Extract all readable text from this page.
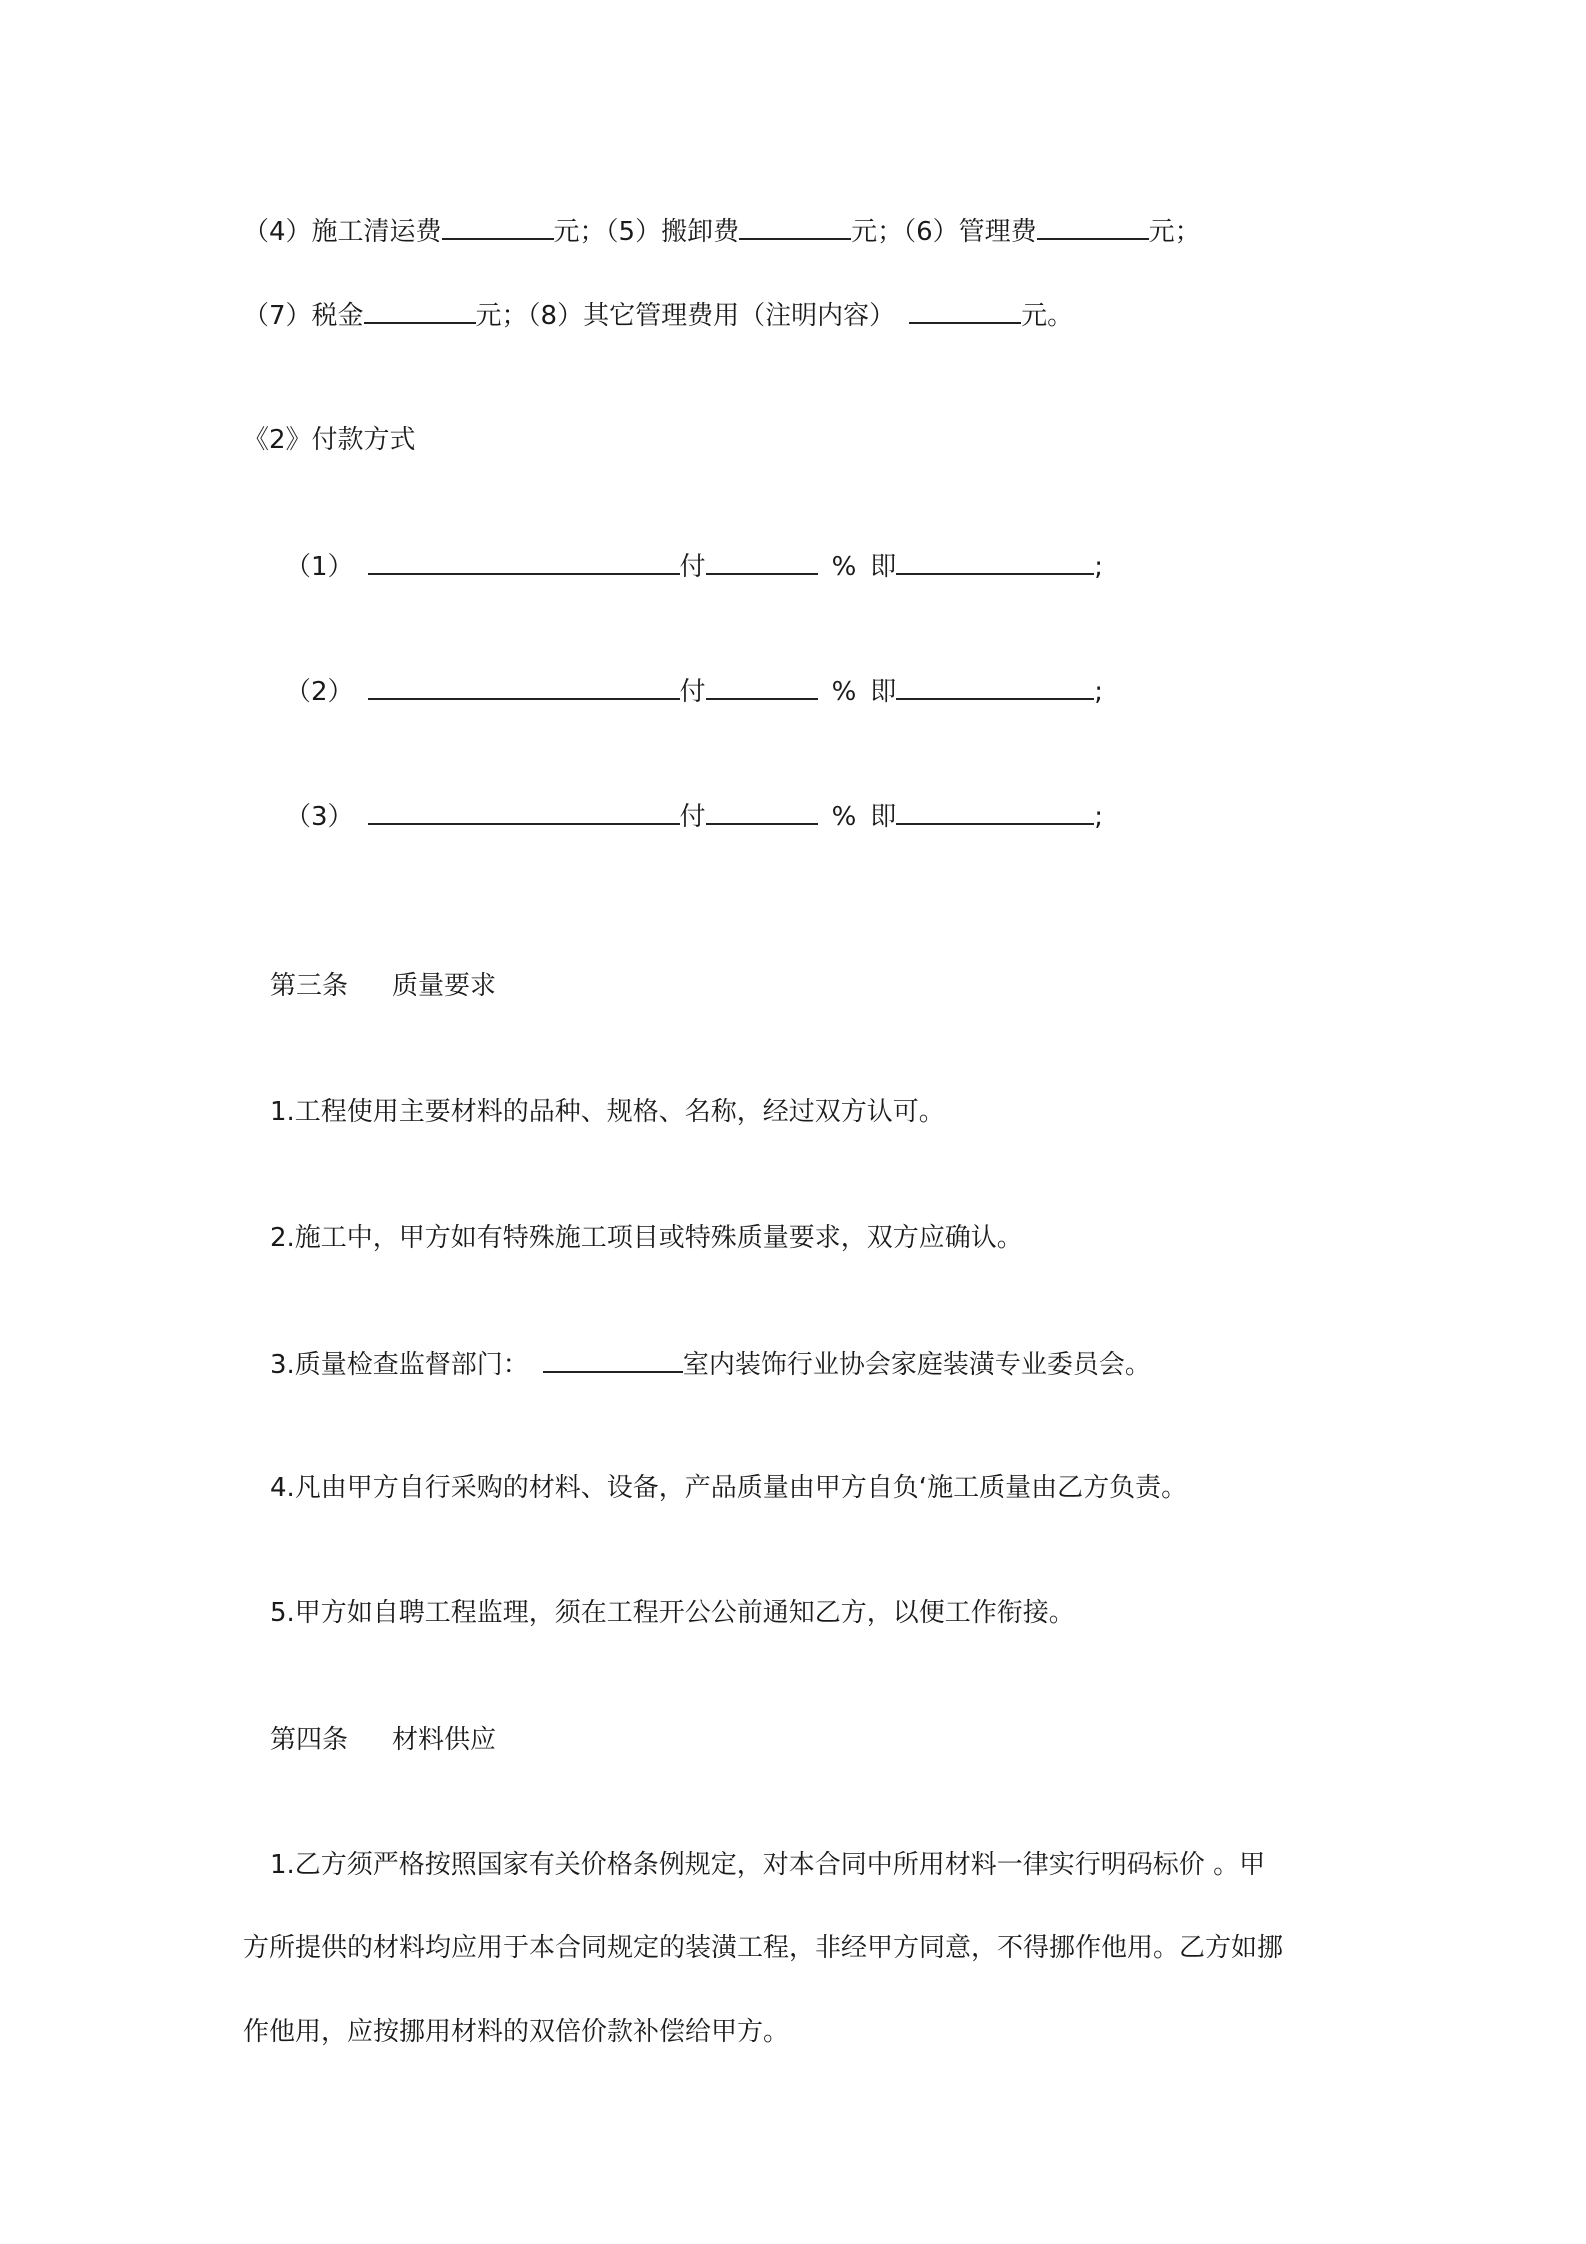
（4）施工清运费	元；（5）搬卸费	元；（6）管理费	元；
（7）税金	元；（8）其它管理费用（注明内容）	元。
《2》付款方式
（1）	付	% 即	;
（2）	付	% 即	;
（3）	付	% 即	;
第三条 质量要求
1.工程使用主要材料的品种、规格、名称，经过双方认可。
2.施工中，甲方如有特殊施工项目或特殊质量要求，双方应确认。
3.质量检查监督部门：	室内装饰行业协会家庭装潢专业委员会。
4.凡由甲方自行采购的材料、设备，产品质量由甲方自负‘施工质量由乙方负责。
5.甲方如自聘工程监理，须在工程开公公前通知乙方，以便工作衔接。
第四条 材料供应
1.乙方须严格按照国家有关价格条例规定，对本合同中所用材料一律实行明码标价 。甲
方所提供的材料均应用于本合同规定的装潢工程，非经甲方同意，不得挪作他用。乙方如挪
作他用，应按挪用材料的双倍价款补偿给甲方。
